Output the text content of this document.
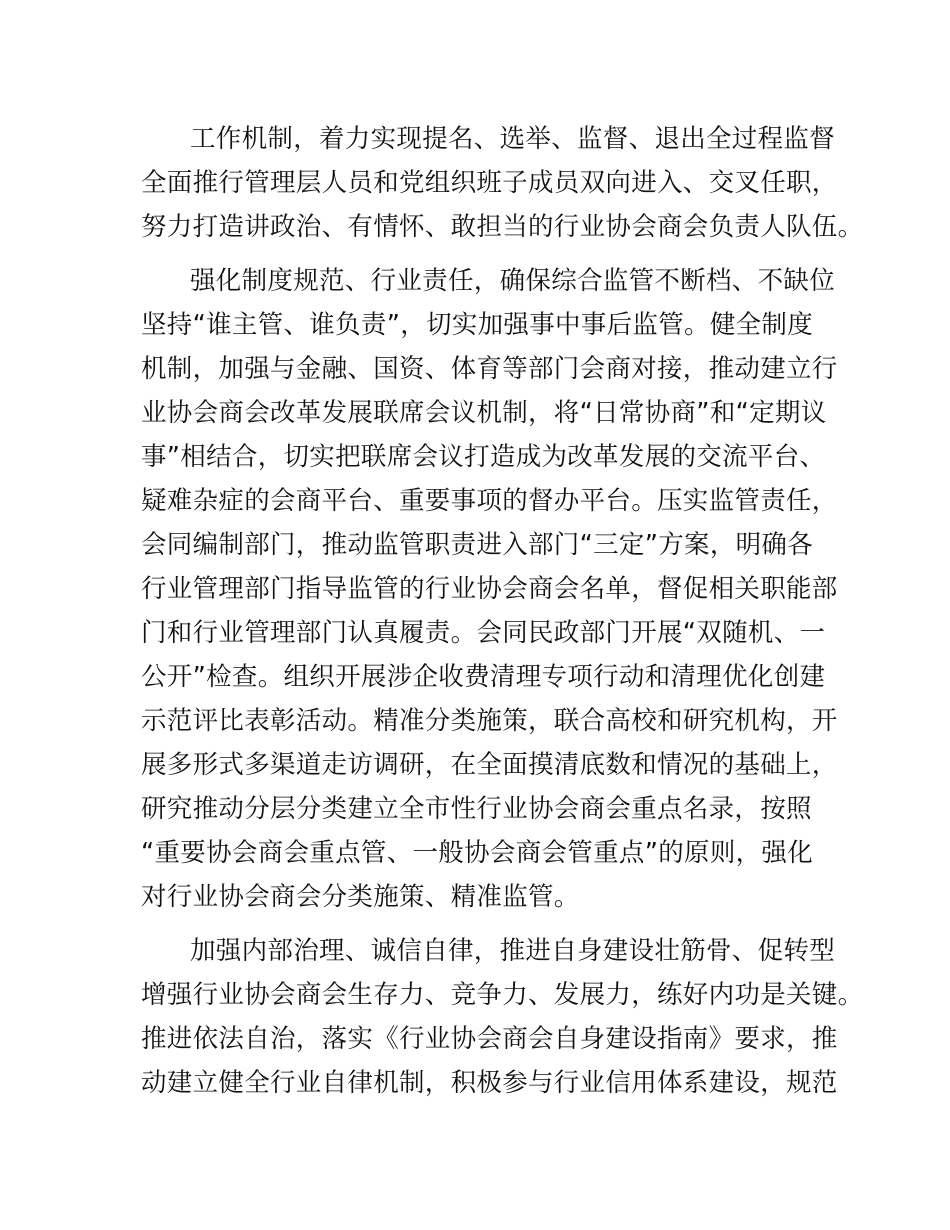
工作机制，着力实现提名、选举、监督、退出全过程监督
全面推行管理层人员和党组织班子成员双向进入、交叉任职，
努力打造讲政治、有情怀、敢担当的行业协会商会负责人队伍。
强化制度规范、行业责任，确保综合监管不断档、不缺位
坚持“谁主管、谁负责”，切实加强事中事后监管。健全制度
机制，加强与金融、国资、体育等部门会商对接，推动建立行
业协会商会改革发展联席会议机制，将“日常协商”和“定期议
事”相结合，切实把联席会议打造成为改革发展的交流平台、
疑难杂症的会商平台、重要事项的督办平台。压实监管责任，
会同编制部门，推动监管职责进入部门“三定”方案，明确各
行业管理部门指导监管的行业协会商会名单，督促相关职能部
门和行业管理部门认真履责。会同民政部门开展“双随机、一
公开”检查。组织开展涉企收费清理专项行动和清理优化创建
示范评比表彰活动。精准分类施策，联合高校和研究机构，开
展多形式多渠道走访调研，在全面摸清底数和情况的基础上，
研究推动分层分类建立全市性行业协会商会重点名录，按照
“重要协会商会重点管、一般协会商会管重点”的原则，强化
对行业协会商会分类施策、精准监管。
加强内部治理、诚信自律，推进自身建设壮筋骨、促转型
增强行业协会商会生存力、竞争力、发展力，练好内功是关键。
推进依法自治，落实《行业协会商会自身建设指南》要求，推
动建立健全行业自律机制，积极参与行业信用体系建设，规范
